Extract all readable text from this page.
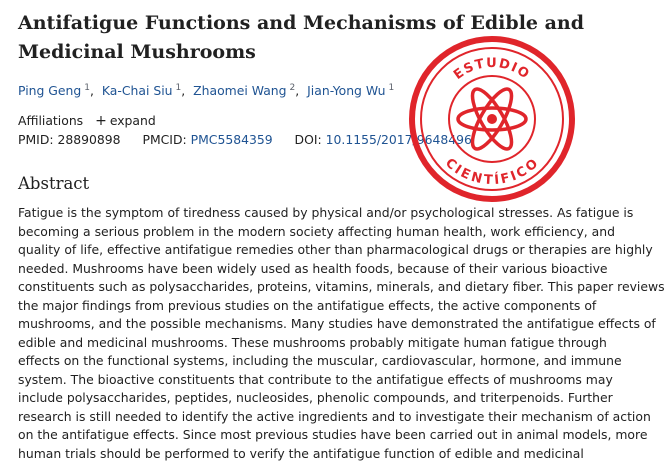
Antifatigue Functions and Mechanisms of Edible and
Medicinal Mushrooms
Ping Geng $^1$, Ka-Chai Siu $^1$, Zhaomei Wang $^2$, Jian-Yong Wu $^1$
Affiliations + expand
PMID: 28890898 PMCID: PMC5584359 DOI: 10.1155/2017/9648496
Abstract
Fatigue is the symptom of tiredness caused by physical and/or psychological stresses. As fatigue is
becoming a serious problem in the modern society affecting human health, work efficiency, and
quality of life, effective antifatigue remedies other than pharmacological drugs or therapies are highly
needed. Mushrooms have been widely used as health foods, because of their various bioactive
constituents such as polysaccharides, proteins, vitamins, minerals, and dietary fiber. This paper reviews
the major findings from previous studies on the antifatigue effects, the active components of
mushrooms, and the possible mechanisms. Many studies have demonstrated the antifatigue effects of
edible and medicinal mushrooms. These mushrooms probably mitigate human fatigue through
effects on the functional systems, including the muscular, cardiovascular, hormone, and immune
system. The bioactive constituents that contribute to the antifatigue effects of mushrooms may
include polysaccharides, peptides, nucleosides, phenolic compounds, and triterpenoids. Further
research is still needed to identify the active ingredients and to investigate their mechanism of action
on the antifatigue effects. Since most previous studies have been carried out in animal models, more
human trials should be performed to verify the antifatigue function of edible and medicinal
ESTUDIO
CIENTÍFICO
